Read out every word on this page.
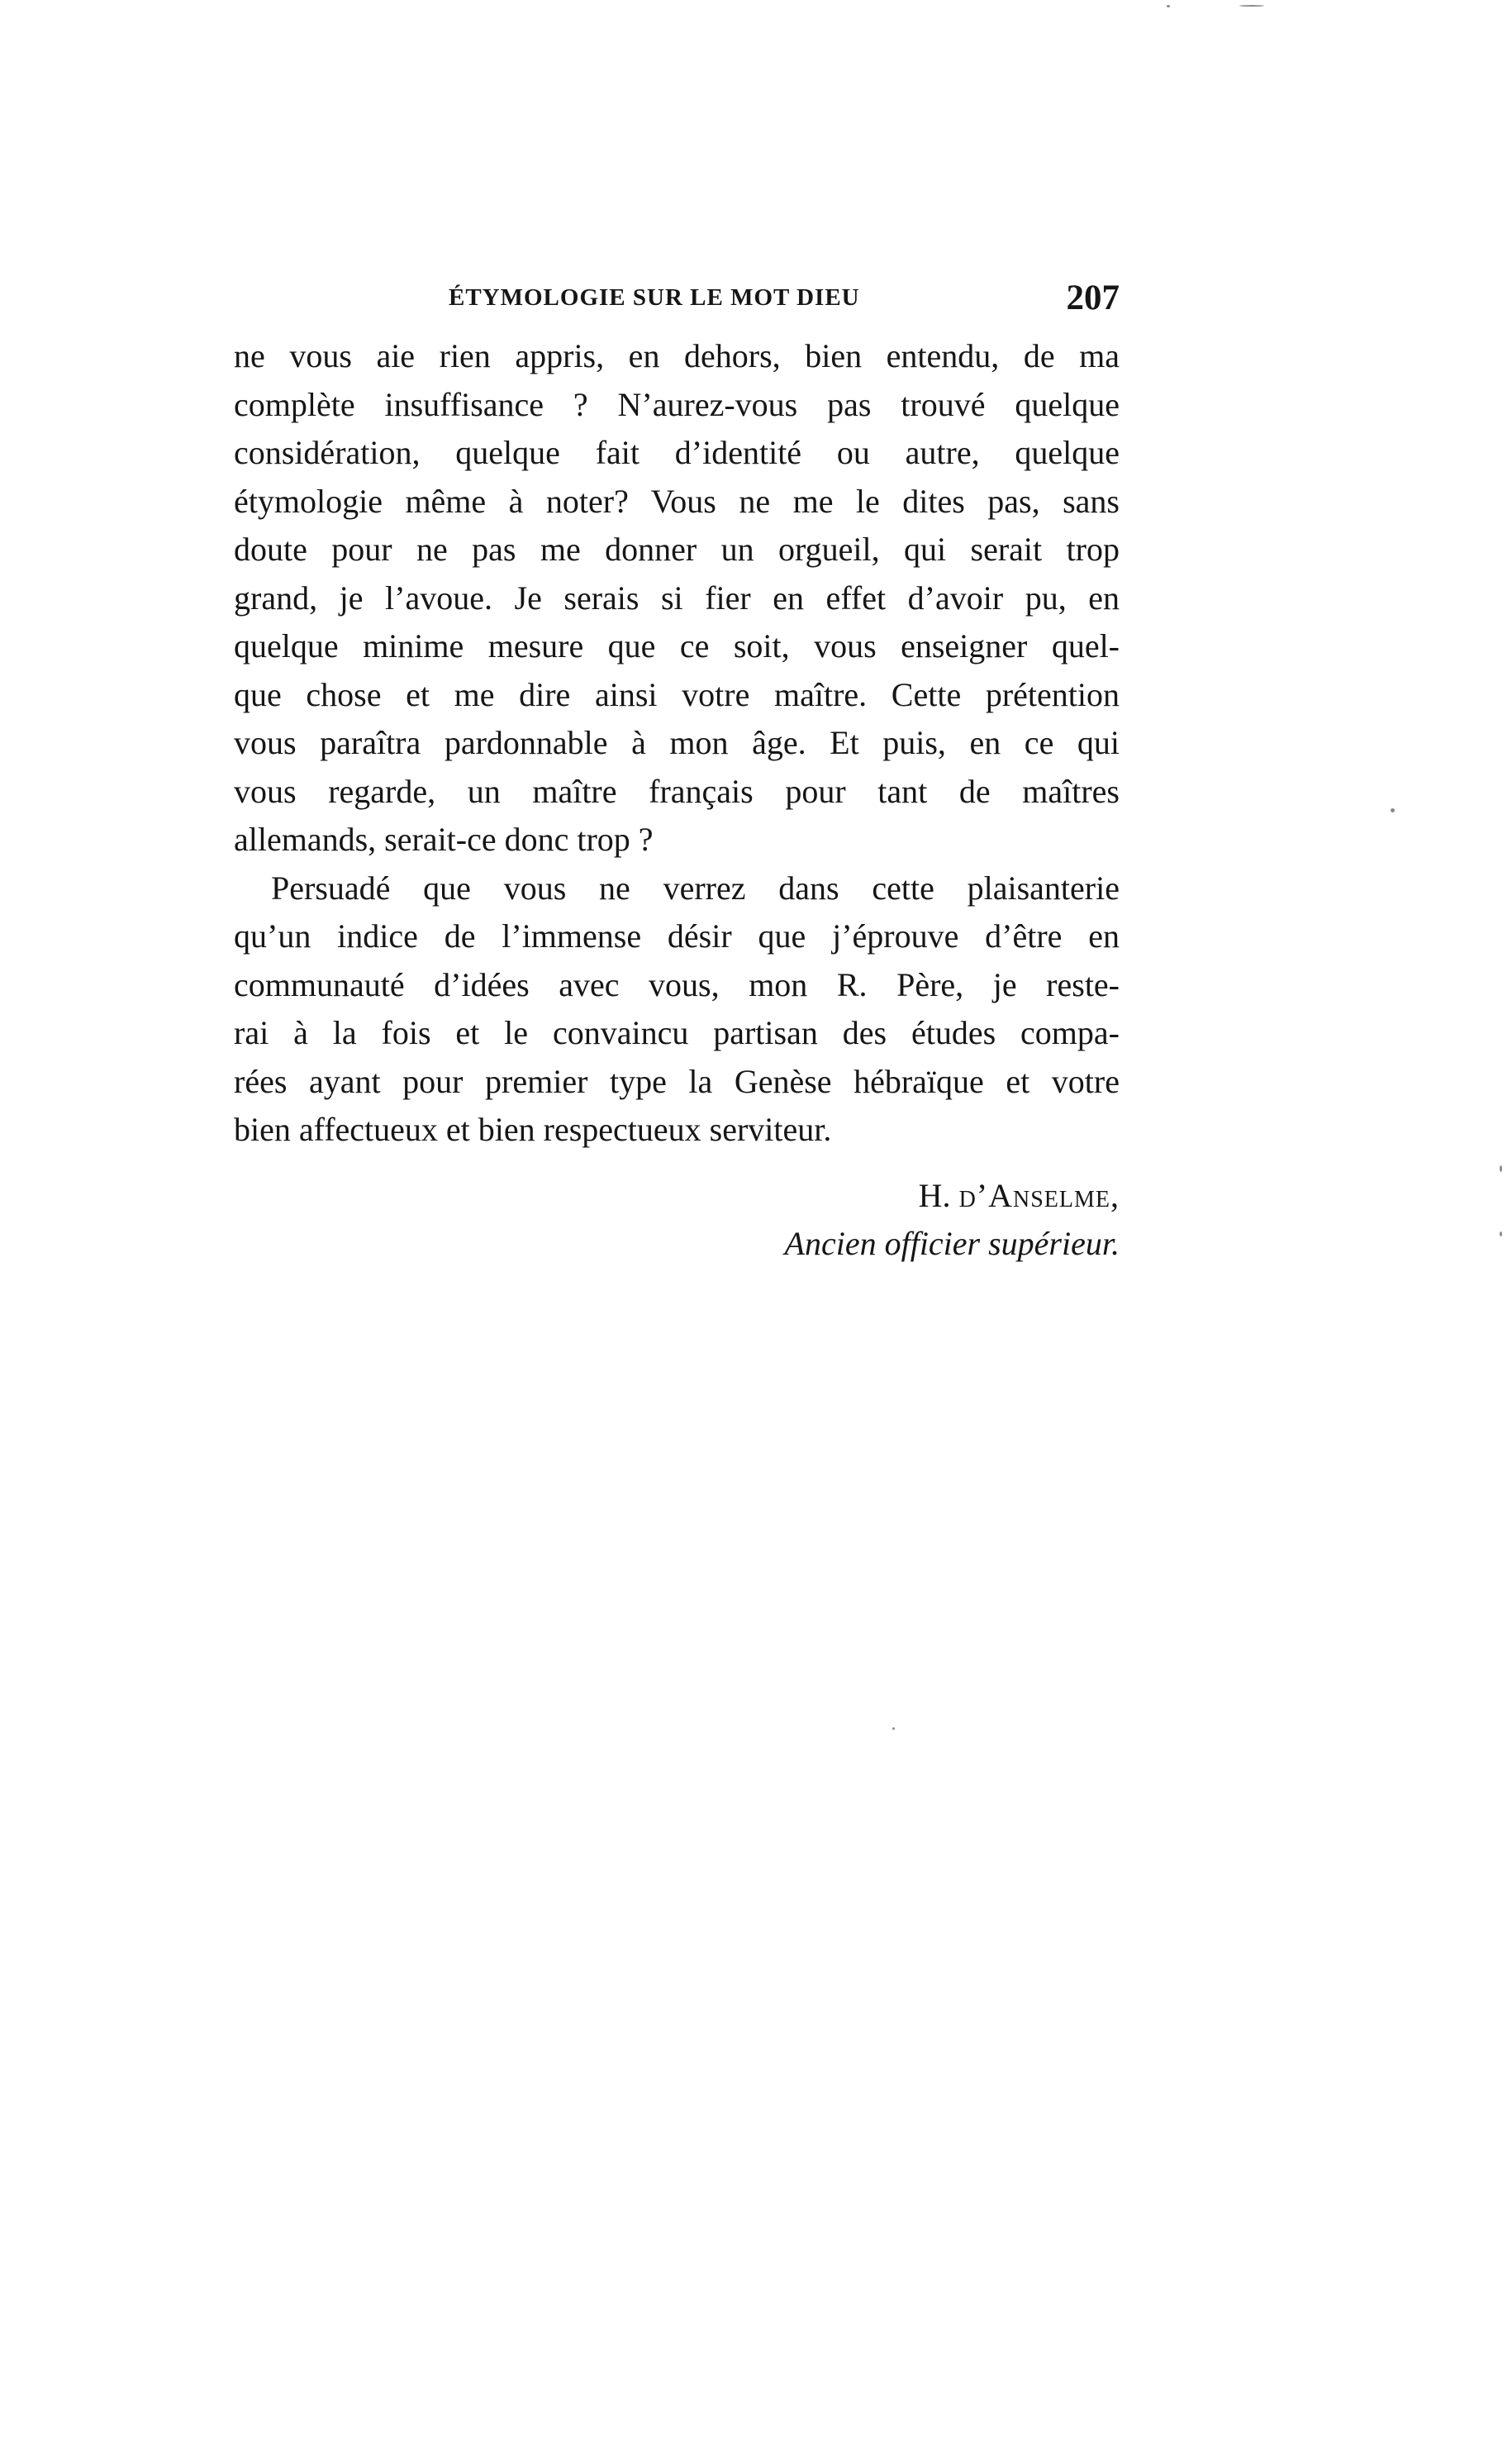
ÉTYMOLOGIE SUR LE MOT DIEU	207
ne vous aie rien appris, en dehors, bien entendu, de ma
complète insuffisance ? N’aurez-vous pas trouvé quelque
considération, quelque fait d’identité ou autre, quelque
étymologie même à noter? Vous ne me le dites pas, sans
doute pour ne pas me donner un orgueil, qui serait trop
grand, je l’avoue. Je serais si fier en effet d’avoir pu, en
quelque minime mesure que ce soit, vous enseigner quel-
que chose et me dire ainsi votre maître. Cette prétention
vous paraîtra pardonnable à mon âge. Et puis, en ce qui
vous regarde, un maître français pour tant de maîtres
allemands, serait-ce donc trop ?
Persuadé que vous ne verrez dans cette plaisanterie
qu’un indice de l’immense désir que j’éprouve d’être en
communauté d’idées avec vous, mon R. Père, je reste-
rai à la fois et le convaincu partisan des études compa-
rées ayant pour premier type la Genèse hébraïque et votre
bien affectueux et bien respectueux serviteur.
H. d’Anselme,
Ancien officier supérieur.
